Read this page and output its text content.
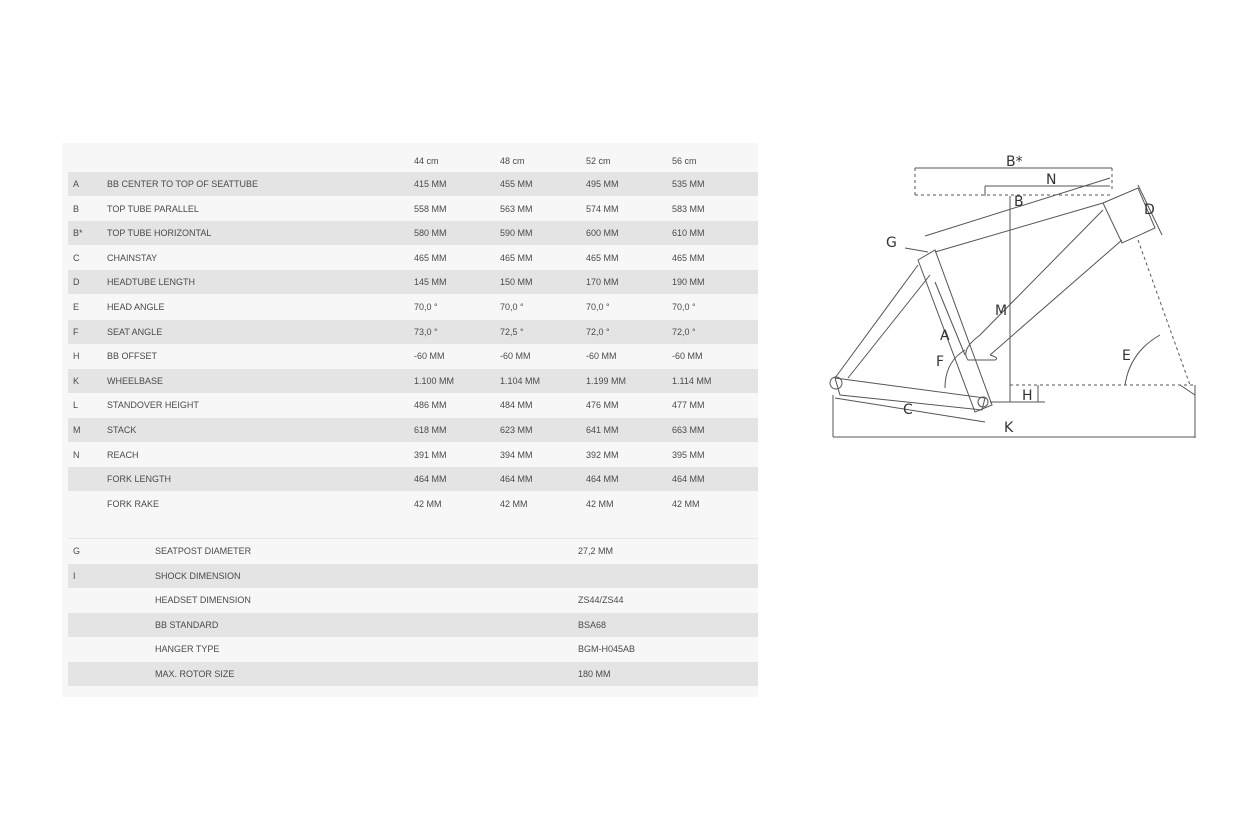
44 cm	48 cm	52 cm	56 cm
A	BB CENTER TO TOP OF SEATTUBE	415 MM	455 MM	495 MM	535 MM
B	TOP TUBE PARALLEL	558 MM	563 MM	574 MM	583 MM
B*	TOP TUBE HORIZONTAL	580 MM	590 MM	600 MM	610 MM
C	CHAINSTAY	465 MM	465 MM	465 MM	465 MM
D	HEADTUBE LENGTH	145 MM	150 MM	170 MM	190 MM
E	HEAD ANGLE	70,0 °	70,0 °	70,0 °	70,0 °
F	SEAT ANGLE	73,0 °	72,5 °	72,0 °	72,0 °
H	BB OFFSET	-60 MM	-60 MM	-60 MM	-60 MM
K	WHEELBASE	1.100 MM	1.104 MM	1.199 MM	1.114 MM
L	STANDOVER HEIGHT	486 MM	484 MM	476 MM	477 MM
M	STACK	618 MM	623 MM	641 MM	663 MM
N	REACH	391 MM	394 MM	392 MM	395 MM
FORK LENGTH	464 MM	464 MM	464 MM	464 MM
FORK RAKE	42 MM	42 MM	42 MM	42 MM
G	SEATPOST DIAMETER	27,2 MM
I	SHOCK DIMENSION
HEADSET DIMENSION	ZS44/ZS44
BB STANDARD	BSA68
HANGER TYPE	BGM-H045AB
MAX. ROTOR SIZE	180 MM
B*
N
B	D
G
M
A
F	E
H
C
K
